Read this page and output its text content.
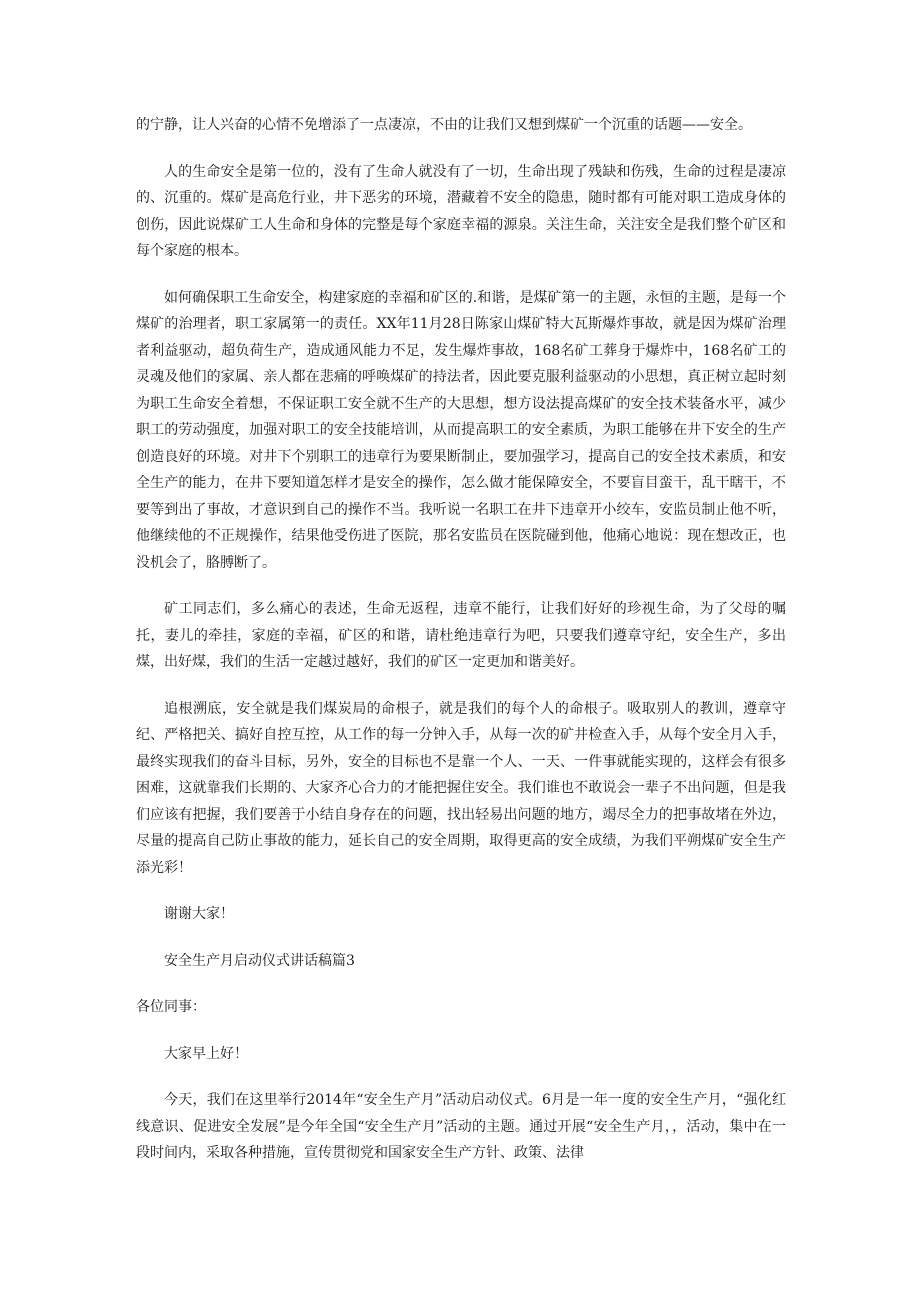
的宁静，让人兴奋的心情不免增添了一点凄凉，不由的让我们又想到煤矿一个沉重的话题——安全。

人的生命安全是第一位的，没有了生命人就没有了一切，生命出现了残缺和伤残，生命的过程是凄凉的、沉重的。煤矿是高危行业，井下恶劣的环境，潜藏着不安全的隐患，随时都有可能对职工造成身体的创伤，因此说煤矿工人生命和身体的完整是每个家庭幸福的源泉。关注生命，关注安全是我们整个矿区和每个家庭的根本。

如何确保职工生命安全，构建家庭的幸福和矿区的.和谐，是煤矿第一的主题，永恒的主题，是每一个煤矿的治理者，职工家属第一的责任。XX年11月28日陈家山煤矿特大瓦斯爆炸事故，就是因为煤矿治理者利益驱动，超负荷生产，造成通风能力不足，发生爆炸事故，168名矿工葬身于爆炸中，168名矿工的灵魂及他们的家属、亲人都在悲痛的呼唤煤矿的持法者，因此要克服利益驱动的小思想，真正树立起时刻为职工生命安全着想，不保证职工安全就不生产的大思想，想方设法提高煤矿的安全技术装备水平，减少职工的劳动强度，加强对职工的安全技能培训，从而提高职工的安全素质，为职工能够在井下安全的生产创造良好的环境。对井下个别职工的违章行为要果断制止，要加强学习，提高自己的安全技术素质，和安全生产的能力，在井下要知道怎样才是安全的操作，怎么做才能保障安全，不要盲目蛮干，乱干瞎干，不要等到出了事故，才意识到自己的操作不当。我听说一名职工在井下违章开小绞车，安监员制止他不听，他继续他的不正规操作，结果他受伤进了医院，那名安监员在医院碰到他，他痛心地说：现在想改正，也没机会了，胳膊断了。

矿工同志们，多么痛心的表述，生命无返程，违章不能行，让我们好好的珍视生命，为了父母的嘱托，妻儿的牵挂，家庭的幸福，矿区的和谐，请杜绝违章行为吧，只要我们遵章守纪，安全生产，多出煤，出好煤，我们的生活一定越过越好，我们的矿区一定更加和谐美好。

追根溯底，安全就是我们煤炭局的命根子，就是我们的每个人的命根子。吸取别人的教训，遵章守纪、严格把关、搞好自控互控，从工作的每一分钟入手，从每一次的矿井检查入手，从每个安全月入手，最终实现我们的奋斗目标，另外，安全的目标也不是靠一个人、一天、一件事就能实现的，这样会有很多困难，这就靠我们长期的、大家齐心合力的才能把握住安全。我们谁也不敢说会一辈子不出问题，但是我们应该有把握，我们要善于小结自身存在的问题，找出轻易出问题的地方，竭尽全力的把事故堵在外边，尽量的提高自己防止事故的能力，延长自己的安全周期，取得更高的安全成绩，为我们平朔煤矿安全生产添光彩！

谢谢大家！

安全生产月启动仪式讲话稿篇3

各位同事：

大家早上好！

今天，我们在这里举行2014年“安全生产月”活动启动仪式。6月是一年一度的安全生产月，“强化红线意识、促进安全发展”是今年全国“安全生产月”活动的主题。通过开展“安全生产月，，活动，集中在一段时间内，采取各种措施，宣传贯彻党和国家安全生产方针、政策、法律
